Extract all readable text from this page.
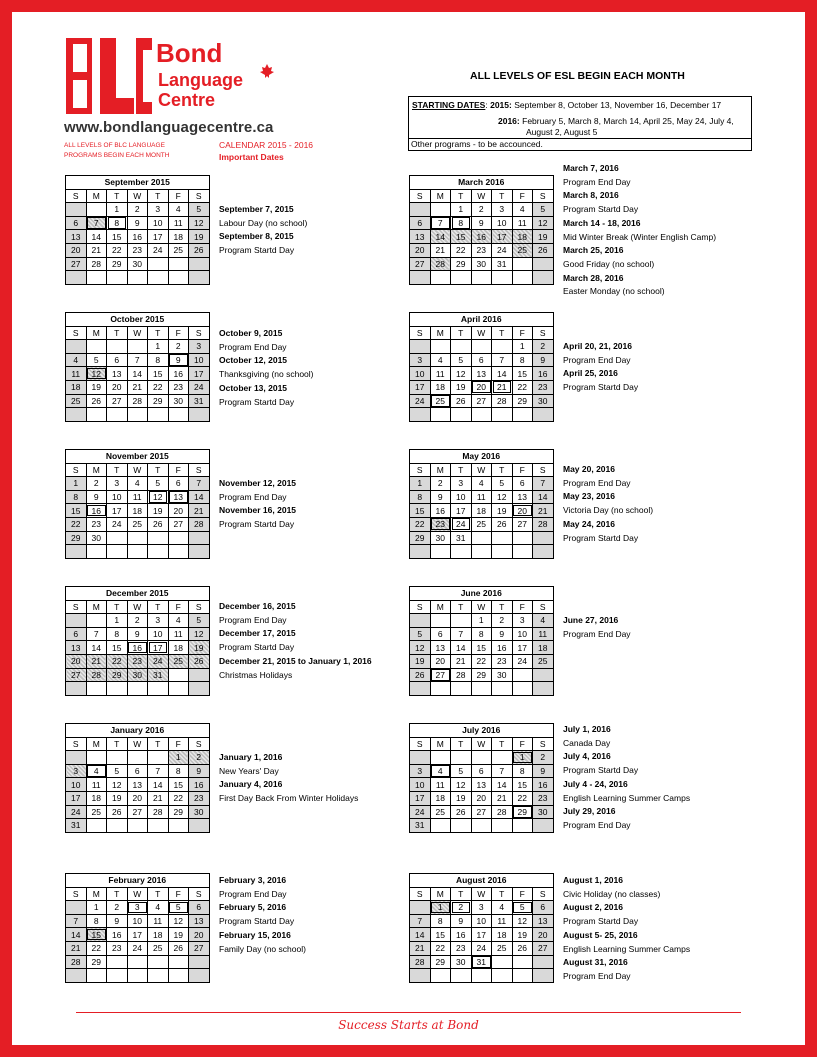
Bond
Language
Centre
www.bondlanguagecentre.ca
ALL LEVELS OF BLC LANGUAGE PROGRAMS BEGIN EACH MONTH
CALENDAR 2015 - 2016
Important Dates
ALL LEVELS OF ESL BEGIN EACH MONTH
STARTING DATES: 2015: September 8, October 13, November 16, December 17
2016: February 5, March 8, March 14, April 25, May 24, July 4,
August 2, August 5
Other programs - to be accounced.
September 2015						
S	M	T	W	T	F	S
		1	2	3	4	5
6	7	8	9	10	11	12
13	14	15	16	17	18	19
20	21	22	23	24	25	26
27	28	29	30			

September 7, 2015
Labour Day (no school)
September 8, 2015
Program Startd Day
October 2015						
S	M	T	W	T	F	S
				1	2	3
4	5	6	7	8	9	10
11	12	13	14	15	16	17
18	19	20	21	22	23	24
25	26	27	28	29	30	31

October 9, 2015
Program End Day
October 12, 2015
Thanksgiving (no school)
October 13, 2015
Program Startd Day
November 2015						
S	M	T	W	T	F	S
1	2	3	4	5	6	7
8	9	10	11	12	13	14
15	16	17	18	19	20	21
22	23	24	25	26	27	28
29	30					

November 12, 2015
Program End Day
November 16, 2015
Program Startd Day
December 2015						
S	M	T	W	T	F	S
		1	2	3	4	5
6	7	8	9	10	11	12
13	14	15	16	17	18	19
20	21	22	23	24	25	26
27	28	29	30	31		

December 16, 2015
Program End Day
December 17, 2015
Program Startd Day
December 21, 2015 to January 1, 2016
Christmas Holidays
January 2016						
S	M	T	W	T	F	S
					1	2
3	4	5	6	7	8	9
10	11	12	13	14	15	16
17	18	19	20	21	22	23
24	25	26	27	28	29	30
31						
January 1, 2016
New Years' Day
January 4, 2016
First Day Back From Winter Holidays
February 2016						
S	M	T	W	T	F	S
	1	2	3	4	5	6
7	8	9	10	11	12	13
14	15	16	17	18	19	20
21	22	23	24	25	26	27
28	29					

February 3, 2016
Program End Day
February 5, 2016
Program Startd Day
February 15, 2016
Family Day (no school)
March 2016						
S	M	T	W	T	F	S
		1	2	3	4	5
6	7	8	9	10	11	12
13	14	15	16	17	18	19
20	21	22	23	24	25	26
27	28	29	30	31		

March 7, 2016
Program End Day
March 8, 2016
Program Startd Day
March 14 - 18, 2016
Mid Winter Break (Winter English Camp)
March 25, 2016
Good Friday (no school)
March 28, 2016
Easter Monday (no school)
April 2016						
S	M	T	W	T	F	S
					1	2
3	4	5	6	7	8	9
10	11	12	13	14	15	16
17	18	19	20	21	22	23
24	25	26	27	28	29	30

April 20, 21, 2016
Program End Day
April 25, 2016
Program Startd Day
May 2016						
S	M	T	W	T	F	S
1	2	3	4	5	6	7
8	9	10	11	12	13	14
15	16	17	18	19	20	21
22	23	24	25	26	27	28
29	30	31				

May 20, 2016
Program End Day
May 23, 2016
Victoria Day (no school)
May 24, 2016
Program Startd Day
June 2016						
S	M	T	W	T	F	S
			1	2	3	4
5	6	7	8	9	10	11
12	13	14	15	16	17	18
19	20	21	22	23	24	25
26	27	28	29	30		

June 27, 2016
Program End Day
July 2016						
S	M	T	W	T	F	S
					1	2
3	4	5	6	7	8	9
10	11	12	13	14	15	16
17	18	19	20	21	22	23
24	25	26	27	28	29	30
31						
July 1, 2016
Canada Day
July 4, 2016
Program Startd Day
July 4 - 24, 2016
English Learning Summer Camps
July 29, 2016
Program End Day
August 2016						
S	M	T	W	T	F	S
	1	2	3	4	5	6
7	8	9	10	11	12	13
14	15	16	17	18	19	20
21	22	23	24	25	26	27
28	29	30	31			

August 1, 2016
Civic Holiday (no classes)
August 2, 2016
Program Startd Day
August 5- 25, 2016
English Learning Summer Camps
August 31, 2016
Program End Day
Success Starts at Bond
